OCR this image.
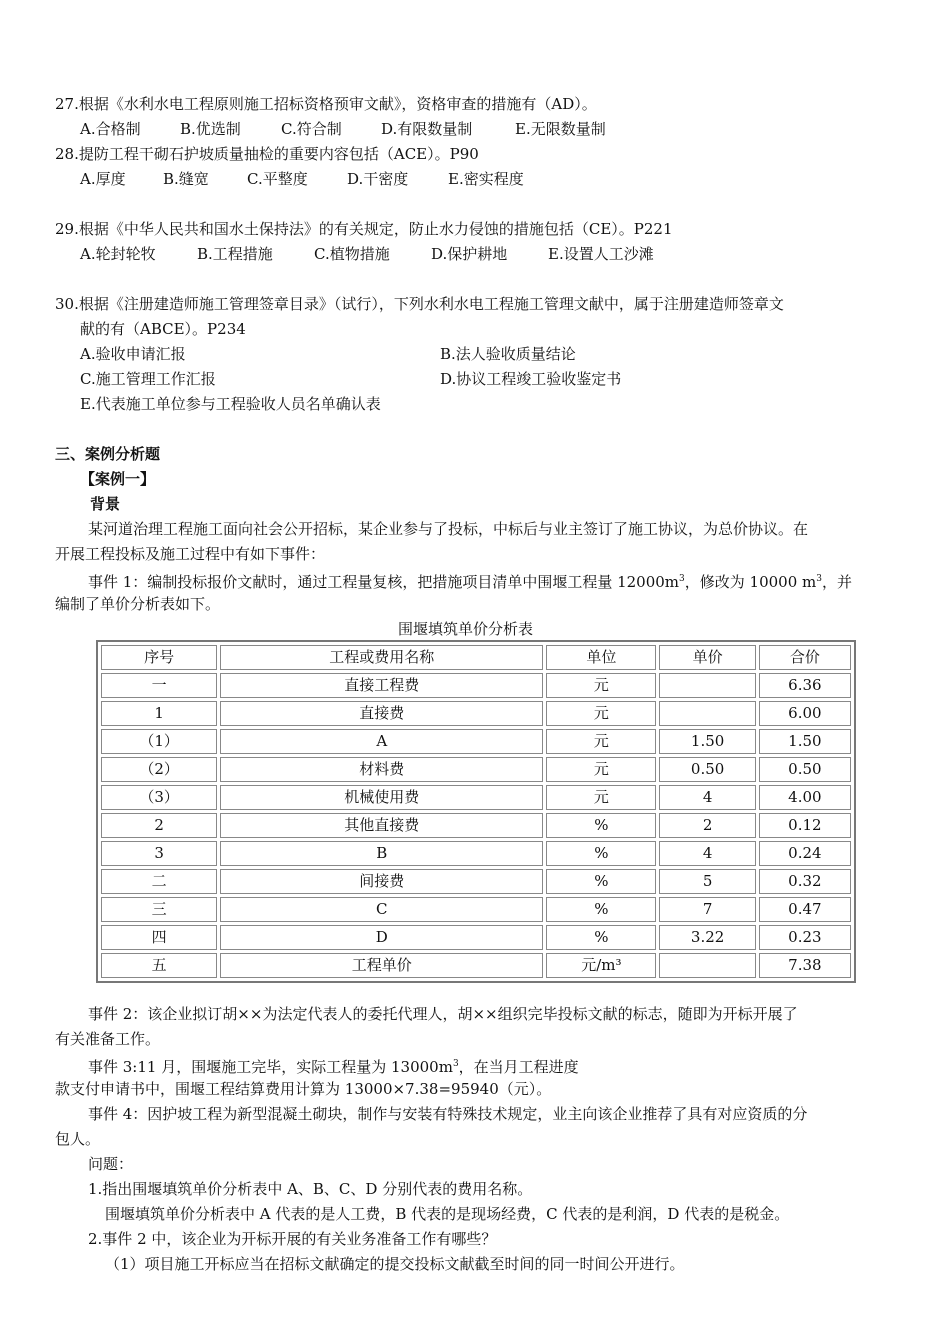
27.根据《水利水电工程原则施工招标资格预审文献》，资格审查的措施有（AD）。
A.合格制	B.优选制	C.符合制	D.有限数量制	E.无限数量制
28.提防工程干砌石护坡质量抽检的重要内容包括（ACE）。P90
A.厚度 B.缝宽	C.平整度	D.干密度	E.密实程度
29.根据《中华人民共和国水土保持法》的有关规定，防止水力侵蚀的措施包括（CE）。P221
A.轮封轮牧	B.工程措施	C.植物措施	D.保护耕地	E.设置人工沙滩
30.根据《注册建造师施工管理签章目录》（试行），下列水利水电工程施工管理文献中，属于注册建造师签章文
献的有（ABCE）。P234
A.验收申请汇报	B.法人验收质量结论
C.施工管理工作汇报	D.协议工程竣工验收鉴定书
E.代表施工单位参与工程验收人员名单确认表
三、案例分析题
【案例一】
背景
某河道治理工程施工面向社会公开招标，某企业参与了投标，中标后与业主签订了施工协议，为总价协议。在
开展工程投标及施工过程中有如下事件：
事件 1：编制投标报价文献时，通过工程量复核，把措施项目清单中围堰工程量 $12000m^3$，修改为 10000 $m^3$，并
编制了单价分析表如下。
围堰填筑单价分析表
序号	工程或费用名称	单位	单价	合价
一	直接工程费	元		6.36
1	直接费	元		6.00
（1）	A	元	1.50	1.50
（2）	材料费	元	0.50	0.50
（3）	机械使用费	元	4	4.00
2	其他直接费	%	2	0.12
3	B	%	4	0.24
二	间接费	%	5	0.32
三	C	%	7	0.47
四	D	%	3.22	0.23
五	工程单价	元/m³		7.38
事件 2：该企业拟订胡××为法定代表人的委托代理人，胡××组织完毕投标文献的标志，随即为开标开展了
有关准备工作。
事件 3:11 月，围堰施工完毕，实际工程量为 $13000m^3$，在当月工程进度
款支付申请书中，围堰工程结算费用计算为 13000×7.38=95940（元）。
事件 4：因护坡工程为新型混凝土砌块，制作与安装有特殊技术规定，业主向该企业推荐了具有对应资质的分
包人。
问题：
1.指出围堰填筑单价分析表中 A、B、C、D 分别代表的费用名称。
围堰填筑单价分析表中 A 代表的是人工费，B 代表的是现场经费，C 代表的是利润，D 代表的是税金。
2.事件 2 中，该企业为开标开展的有关业务准备工作有哪些？
（1）项目施工开标应当在招标文献确定的提交投标文献截至时间的同一时间公开进行。
